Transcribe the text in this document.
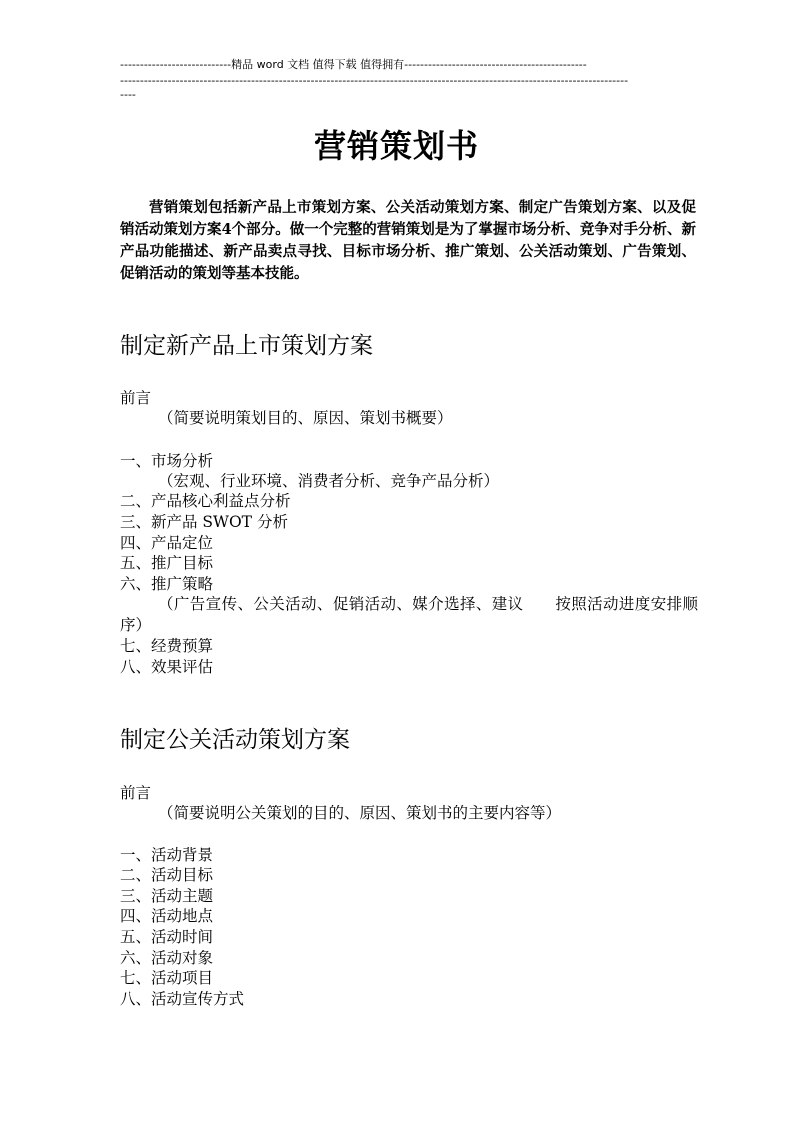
----------------------------精品 word 文档 值得下载 值得拥有----------------------------------------------
--------------------------------------------------------------------------------------------------------------------------------
----
营销策划书
营销策划包括新产品上市策划方案、公关活动策划方案、制定广告策划方案、以及促销活动策划方案4个部分。做一个完整的营销策划是为了掌握市场分析、竞争对手分析、新产品功能描述、新产品卖点寻找、目标市场分析、推广策划、公关活动策划、广告策划、促销活动的策划等基本技能。
制定新产品上市策划方案
前言
（简要说明策划目的、原因、策划书概要）
一、市场分析
（宏观、行业环境、消费者分析、竞争产品分析）
二、产品核心利益点分析
三、新产品 SWOT 分析
四、产品定位
五、推广目标
六、推广策略
（广告宣传、公关活动、促销活动、媒介选择、建议　　按照活动进度安排顺序）
七、经费预算
八、效果评估
制定公关活动策划方案
前言
（简要说明公关策划的目的、原因、策划书的主要内容等）
一、活动背景
二、活动目标
三、活动主题
四、活动地点
五、活动时间
六、活动对象
七、活动项目
八、活动宣传方式
